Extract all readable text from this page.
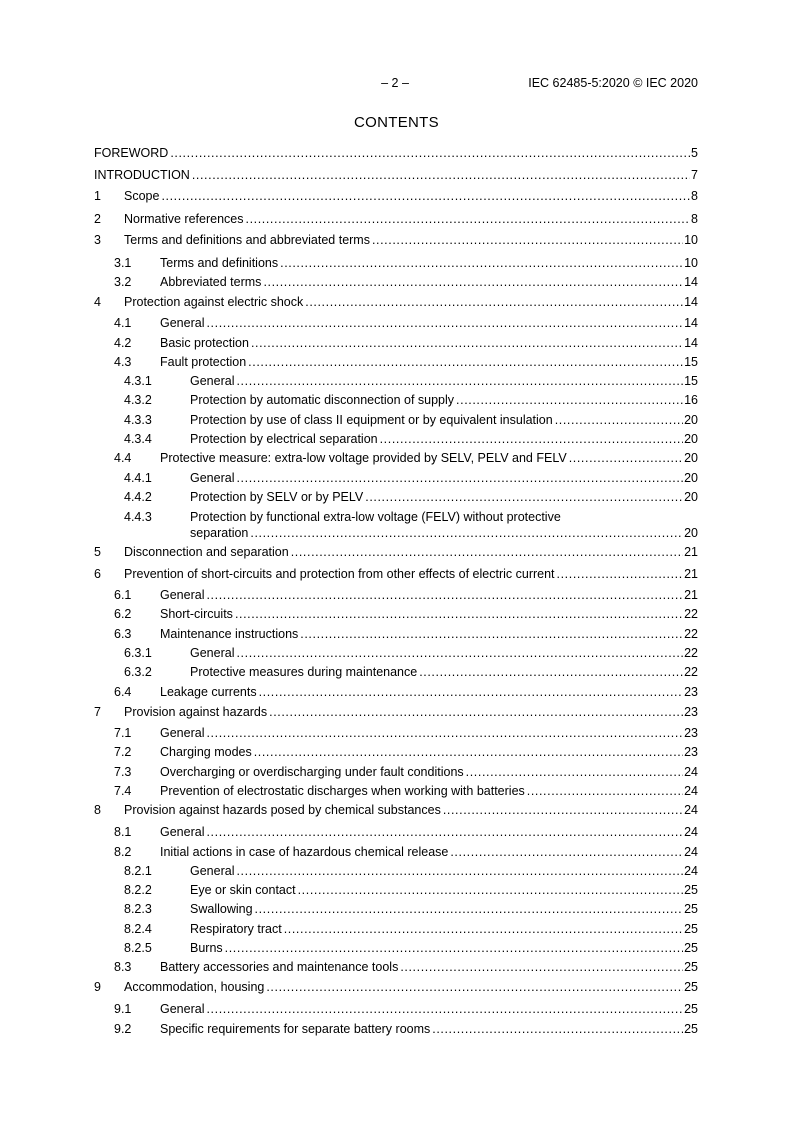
– 2 –	IEC 62485-5:2020 © IEC 2020
CONTENTS
FOREWORD .....	5
INTRODUCTION .....	7
1 Scope .....	8
2 Normative references .....	8
3 Terms and definitions and abbreviated terms .....	10
3.1 Terms and definitions .....	10
3.2 Abbreviated terms .....	14
4 Protection against electric shock .....	14
4.1 General .....	14
4.2 Basic protection .....	14
4.3 Fault protection .....	15
4.3.1	General .....	15
4.3.2	Protection by automatic disconnection of supply .....	16
4.3.3	Protection by use of class II equipment or by equivalent insulation .....	20
4.3.4	Protection by electrical separation .....	20
4.4 Protective measure: extra-low voltage provided by SELV, PELV and FELV .....	20
4.4.1	General .....	20
4.4.2	Protection by SELV or by PELV .....	20
4.4.3	Protection by functional extra-low voltage (FELV) without protective
separation .....	20
5 Disconnection and separation .....	21
6 Prevention of short-circuits and protection from other effects of electric current .....	21
6.1 General .....	21
6.2 Short-circuits .....	22
6.3 Maintenance instructions .....	22
6.3.1	General .....	22
6.3.2	Protective measures during maintenance .....	22
6.4 Leakage currents .....	23
7 Provision against hazards .....	23
7.1 General .....	23
7.2 Charging modes .....	23
7.3 Overcharging or overdischarging under fault conditions .....	24
7.4 Prevention of electrostatic discharges when working with batteries .....	24
8 Provision against hazards posed by chemical substances .....	24
8.1 General .....	24
8.2 Initial actions in case of hazardous chemical release .....	24
8.2.1	General .....	24
8.2.2	Eye or skin contact .....	25
8.2.3	Swallowing .....	25
8.2.4	Respiratory tract .....	25
8.2.5	Burns .....	25
8.3 Battery accessories and maintenance tools .....	25
9 Accommodation, housing .....	25
9.1 General .....	25
9.2 Specific requirements for separate battery rooms .....	25
